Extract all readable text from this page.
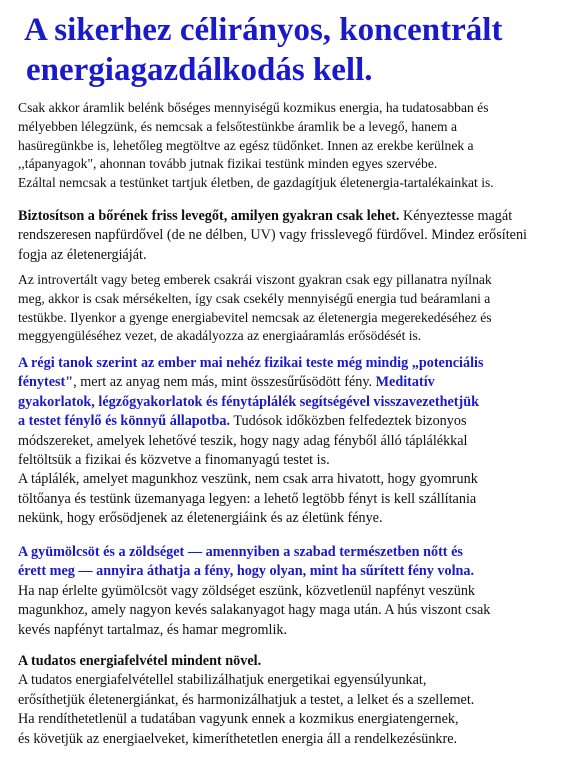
A sikerhez célirányos, koncentrált
energiagazdálkodás kell.
Csak akkor áramlik belénk bőséges mennyiségű kozmikus energia, ha tudatosabban és
mélyebben lélegzünk, és nemcsak a felsőtestünkbe áramlik be a levegő, hanem a
hasüregünkbe is, lehetőleg megtöltve az egész tüdőnket. Innen az erekbe kerülnek a
,,tápanyagok", ahonnan tovább jutnak fizikai testünk minden egyes szervébe.
Ezáltal nemcsak a testünket tartjuk életben, de gazdagítjuk életenergia-tartalékainkat is.
Biztosítson a bőrének friss levegőt, amilyen gyakran csak lehet. Kényeztesse magát
rendszeresen napfürdővel (de ne délben, UV) vagy frisslevegő fürdővel. Mindez erősíteni
fogja az életenergiáját.
Az introvertált vagy beteg emberek csakrái viszont gyakran csak egy pillanatra nyílnak
meg, akkor is csak mérsékelten, így csak csekély mennyiségű energia tud beáramlani a
testükbe. Ilyenkor a gyenge energiabevitel nemcsak az életenergia megerekedéséhez és
meggyengüléséhez vezet, de akadályozza az energiaáramlás erősödését is.
A régi tanok szerint az ember mai nehéz fizikai teste még mindig „potenciális
fénytest", mert az anyag nem más, mint összesűrűsödött fény. Meditatív
gyakorlatok, légzőgyakorlatok és fénytáplálék segítségével visszavezethetjük
a testet fénylő és könnyű állapotba. Tudósok időközben felfedeztek bizonyos
módszereket, amelyek lehetővé teszik, hogy nagy adag fényből álló táplálékkal
feltöltsük a fizikai és közvetve a finomanyagú testet is.
A táplálék, amelyet magunkhoz veszünk, nem csak arra hivatott, hogy gyomrunk
töltőanya és testünk üzemanyaga legyen: a lehető legtöbb fényt is kell szállítania
nekünk, hogy erősödjenek az életenergiáink és az életünk fénye.
A gyümölcsöt és a zöldséget — amennyiben a szabad természetben nőtt és
érett meg — annyira áthatja a fény, hogy olyan, mint ha sűrített fény volna.
Ha nap érlelte gyümölcsöt vagy zöldséget eszünk, közvetlenül napfényt veszünk
magunkhoz, amely nagyon kevés salakanyagot hagy maga után. A hús viszont csak
kevés napfényt tartalmaz, és hamar megromlik.
A tudatos energiafelvétel mindent növel.
A tudatos energiafelvétellel stabilizálhatjuk energetikai egyensúlyunkat,
erősíthetjük életenergiánkat, és harmonizálhatjuk a testet, a lelket és a szellemet.
Ha rendíthetetlenül a tudatában vagyunk ennek a kozmikus energiatengernek,
és követjük az energiaelveket, kimeríthetetlen energia áll a rendelkezésünkre.
